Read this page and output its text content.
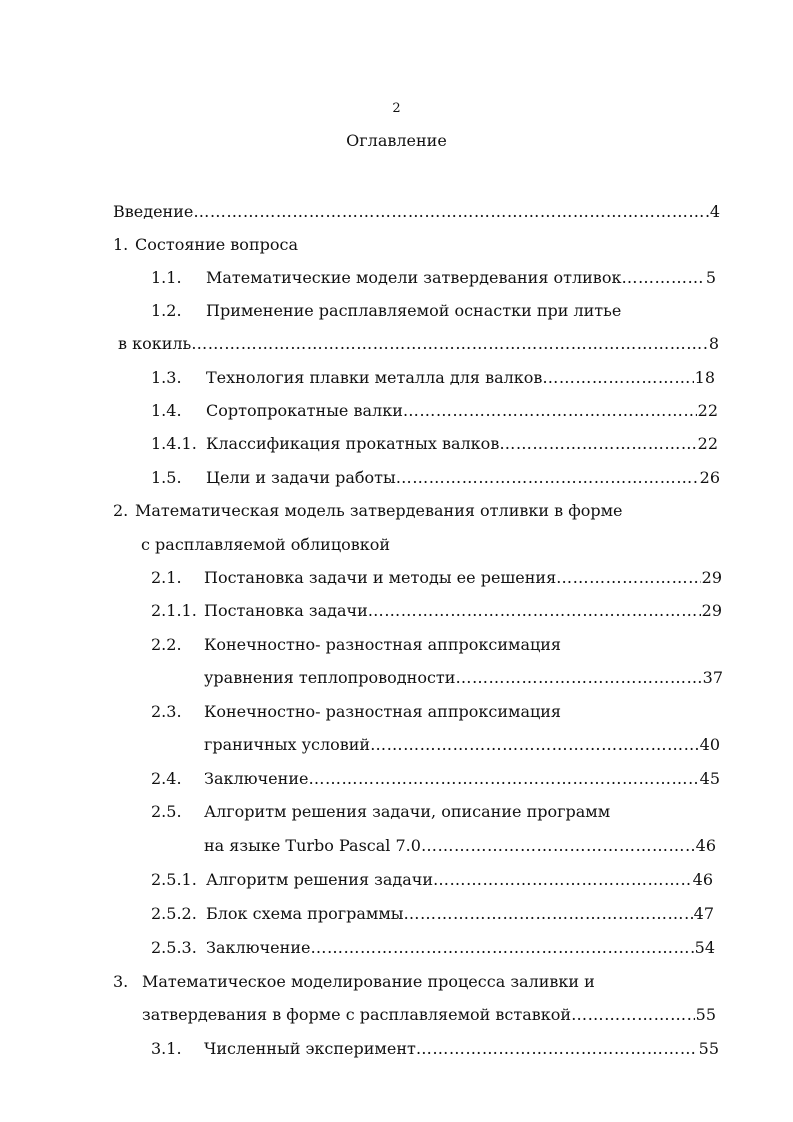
2
Оглавление
Введение …………………………………………………………………………………………………………………………………………	4
1. Состояние вопроса
1.1.	Математические модели затвердевания отливок …………………………………………………………………………………………………………………………………………	5
1.2.	Применение расплавляемой оснастки при литье
в кокиль …………………………………………………………………………………………………………………………………………	8
1.3.	Технология плавки металла для валков …………………………………………………………………………………………………………………………………………	18
1.4.	Сортопрокатные валки …………………………………………………………………………………………………………………………………………	22
1.4.1. Классификация прокатных валков …………………………………………………………………………………………………………………………………………	22
1.5.	Цели и задачи работы …………………………………………………………………………………………………………………………………………	26
2. Математическая модель затвердевания отливки в форме
с расплавляемой облицовкой
2.1.	Постановка задачи и методы ее решения …………………………………………………………………………………………………………………………………………	29
2.1.1. Постановка задачи …………………………………………………………………………………………………………………………………………	29
2.2.	Конечностно- разностная аппроксимация
уравнения теплопроводности …………………………………………………………………………………………………………………………………………	37
2.3.	Конечностно- разностная аппроксимация
граничных условий …………………………………………………………………………………………………………………………………………	40
2.4.	Заключение …………………………………………………………………………………………………………………………………………	45
2.5.	Алгоритм решения задачи, описание программ
на языке Turbo Pascal 7.0 …………………………………………………………………………………………………………………………………………	46
2.5.1. Алгоритм решения задачи …………………………………………………………………………………………………………………………………………	46
2.5.2. Блок схема программы …………………………………………………………………………………………………………………………………………	47
2.5.3. Заключение …………………………………………………………………………………………………………………………………………	54
3. Математическое моделирование процесса заливки и
затвердевания в форме с расплавляемой вставкой …………………………………………………………………………………………………………………………………………	55
3.1.	Численный эксперимент …………………………………………………………………………………………………………………………………………	55
